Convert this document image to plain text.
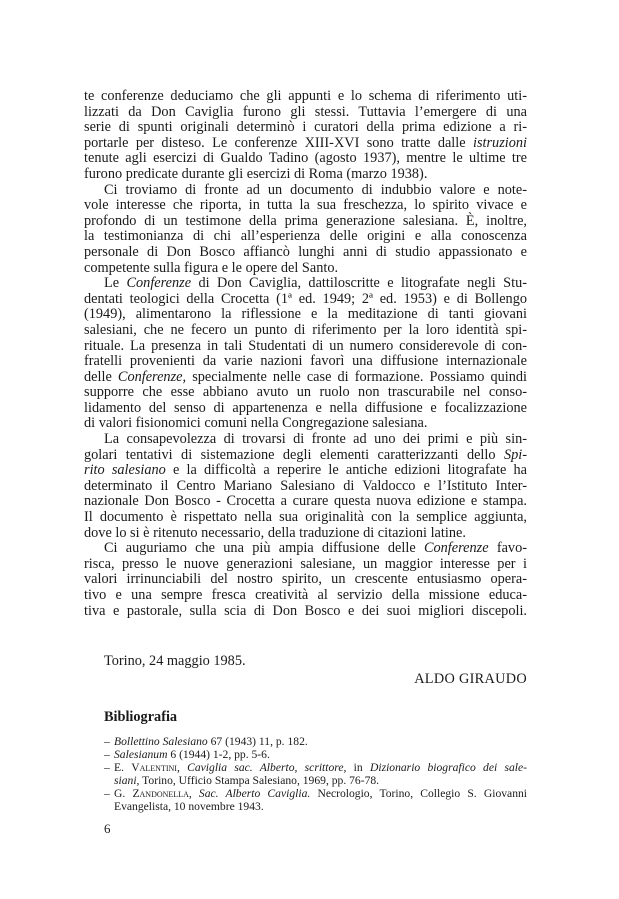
te conferenze deduciamo che gli appunti e lo schema di riferimento uti-
lizzati da Don Caviglia furono gli stessi. Tuttavia l’emergere di una
serie di spunti originali determinò i curatori della prima edizione a ri-
portarle per disteso. Le conferenze XIII-XVI sono tratte dalle istruzioni
tenute agli esercizi di Gualdo Tadino (agosto 1937), mentre le ultime tre
furono predicate durante gli esercizi di Roma (marzo 1938).
Ci troviamo di fronte ad un documento di indubbio valore e note-
vole interesse che riporta, in tutta la sua freschezza, lo spirito vivace e
profondo di un testimone della prima generazione salesiana. È, inoltre,
la testimonianza di chi all’esperienza delle origini e alla conoscenza
personale di Don Bosco affiancò lunghi anni di studio appassionato e
competente sulla figura e le opere del Santo.
Le Conferenze di Don Caviglia, dattiloscritte e litografate negli Stu-
dentati teologici della Crocetta (1ª ed. 1949; 2ª ed. 1953) e di Bollengo
(1949), alimentarono la riflessione e la meditazione di tanti giovani
salesiani, che ne fecero un punto di riferimento per la loro identità spi-
rituale. La presenza in tali Studentati di un numero considerevole di con-
fratelli provenienti da varie nazioni favorì una diffusione internazionale
delle Conferenze, specialmente nelle case di formazione. Possiamo quindi
supporre che esse abbiano avuto un ruolo non trascurabile nel conso-
lidamento del senso di appartenenza e nella diffusione e focalizzazione
di valori fisionomici comuni nella Congregazione salesiana.
La consapevolezza di trovarsi di fronte ad uno dei primi e più sin-
golari tentativi di sistemazione degli elementi caratterizzanti dello Spi-
rito salesiano e la difficoltà a reperire le antiche edizioni litografate ha
determinato il Centro Mariano Salesiano di Valdocco e l’Istituto Inter-
nazionale Don Bosco - Crocetta a curare questa nuova edizione e stampa.
Il documento è rispettato nella sua originalità con la semplice aggiunta,
dove lo si è ritenuto necessario, della traduzione di citazioni latine.
Ci auguriamo che una più ampia diffusione delle Conferenze favo-
risca, presso le nuove generazioni salesiane, un maggior interesse per i
valori irrinunciabili del nostro spirito, un crescente entusiasmo opera-
tivo e una sempre fresca creatività al servizio della missione educa-
tiva e pastorale, sulla scia di Don Bosco e dei suoi migliori discepoli.
Torino, 24 maggio 1985.
ALDO GIRAUDO
Bibliografia
– Bollettino Salesiano 67 (1943) 11, p. 182.
– Salesianum 6 (1944) 1-2, pp. 5-6.
– E. Valentini, Caviglia sac. Alberto, scrittore, in Dizionario biografico dei sale-
siani, Torino, Ufficio Stampa Salesiano, 1969, pp. 76-78.
– G. Zandonella, Sac. Alberto Caviglia. Necrologio, Torino, Collegio S. Giovanni
Evangelista, 10 novembre 1943.
6
